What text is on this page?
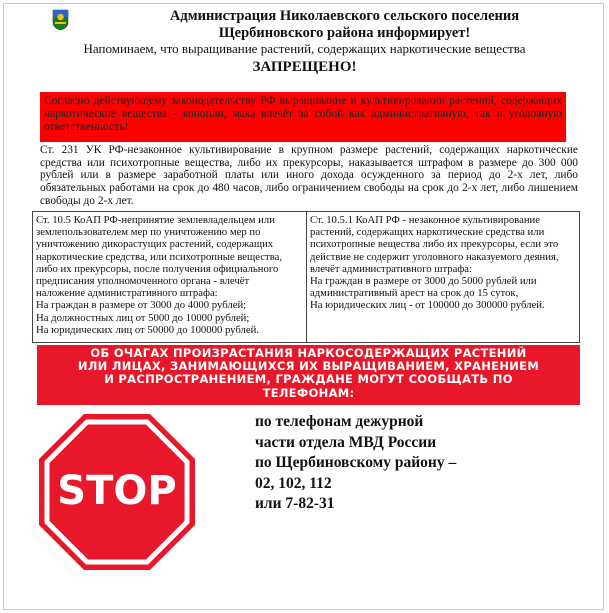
Администрация Николаевского сельского поселения
Щербиновского района информирует!
Напоминаем, что выращивание растений, содержащих наркотические вещества
ЗАПРЕЩЕНО!
Согласно действующему законодательству РФ выращивание и культивировании растений, содержащих наркотические вещества - конопли, мака влечёт за собой как административную, так и уголовную ответственность!
Ст. 231 УК РФ-незаконное культивирование в крупном размере растений, содержащих наркотические средства или психотропные вещества, либо их прекурсоры, наказывается штрафом в размере до 300 000 рублей или в размере заработной платы или иного дохода осужденного за период до 2-х лет, либо обязательных работами на срок до 480 часов, либо ограничением свободы на срок до 2-х лет, либо лишением свободы до 2-х лет.
Ст. 10.5 КоАП РФ-непринятие землевладельцем или
землепользователем мер по уничтожению мер по
уничтожению дикорастущих растений, содержащих
наркотические средства, или психотропные вещества,
либо их прекурсоры, после получения официального
предписания уполномоченного органа - влечёт
наложение административного штрафа:
На граждан в размере от 3000 до 4000 рублей;
На должностных лиц от 5000 до 10000 рублей;
На юридических лиц от 50000 до 100000 рублей.
Ст. 10.5.1 КоАП РФ - незаконное культивирование
растений, содержащих наркотические средства или
психотропные вещества либо их прекурсоры, если это
действие не содержит уголовного наказуемого деяния,
влечёт административного штрафа:
На граждан в размере от 3000 до 5000 рублей или
административный арест на срок до 15 суток,
На юридических лиц - от 100000 до 300000 рублей.
ОБ ОЧАГАХ ПРОИЗРАСТАНИЯ НАРКОСОДЕРЖАЩИХ РАСТЕНИЙ
ИЛИ ЛИЦАХ, ЗАНИМАЮЩИХСЯ ИХ ВЫРАЩИВАНИЕМ, ХРАНЕНИЕМ
И РАСПРОСТРАНЕНИЕМ, ГРАЖДАНЕ МОГУТ СООБЩАТЬ ПО
ТЕЛЕФОНАМ:
STOP
по телефонам дежурной
части отдела МВД России
по Щербиновскому району –
02, 102, 112
или 7-82-31
